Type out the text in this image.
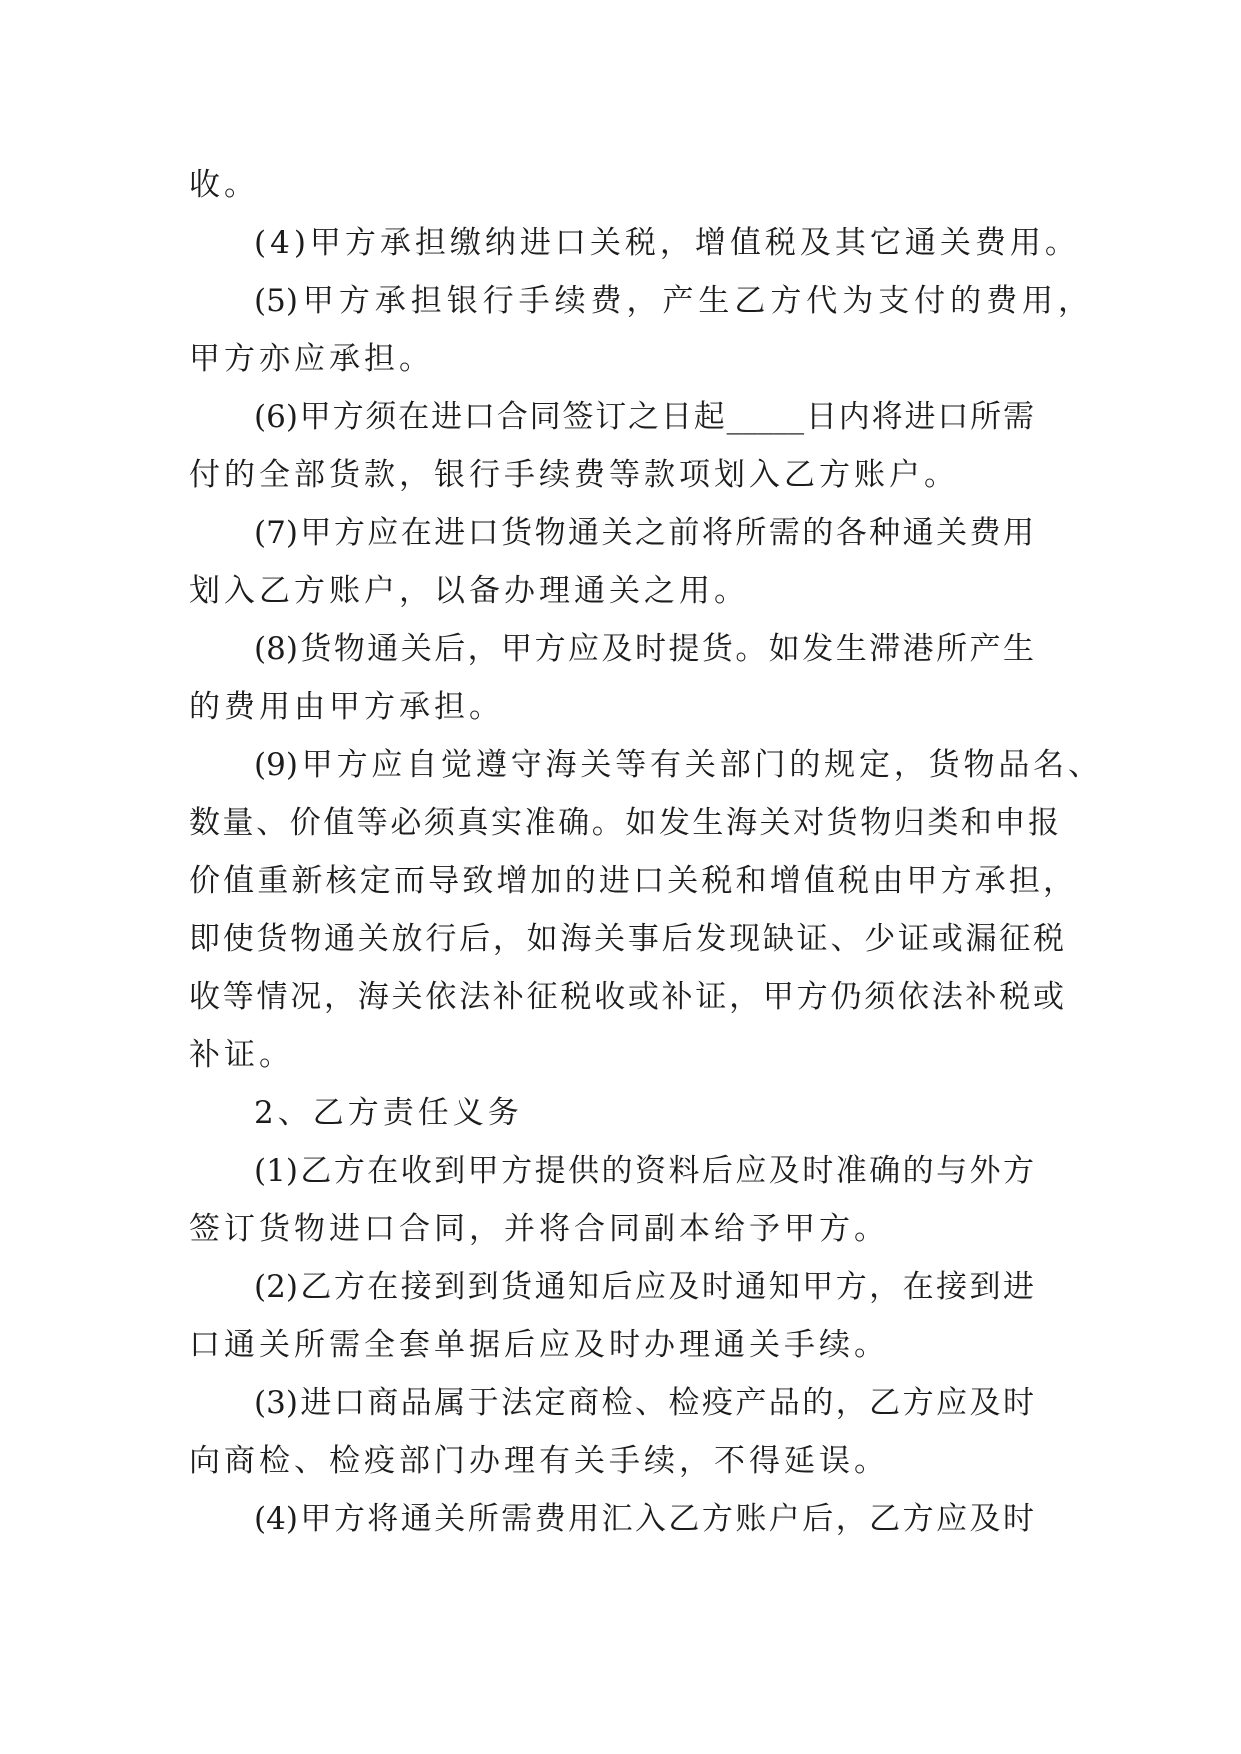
收。
(4)甲方承担缴纳进口关税，增值税及其它通关费用。
(5)甲方承担银行手续费，产生乙方代为支付的费用，
甲方亦应承担。
(6)甲方须在进口合同签订之日起_____日内将进口所需
付的全部货款，银行手续费等款项划入乙方账户。
(7)甲方应在进口货物通关之前将所需的各种通关费用
划入乙方账户，以备办理通关之用。
(8)货物通关后，甲方应及时提货。如发生滞港所产生
的费用由甲方承担。
(9)甲方应自觉遵守海关等有关部门的规定，货物品名、
数量、价值等必须真实准确。如发生海关对货物归类和申报
价值重新核定而导致增加的进口关税和增值税由甲方承担，
即使货物通关放行后，如海关事后发现缺证、少证或漏征税
收等情况，海关依法补征税收或补证，甲方仍须依法补税或
补证。
2、乙方责任义务
(1)乙方在收到甲方提供的资料后应及时准确的与外方
签订货物进口合同，并将合同副本给予甲方。
(2)乙方在接到到货通知后应及时通知甲方，在接到进
口通关所需全套单据后应及时办理通关手续。
(3)进口商品属于法定商检、检疫产品的，乙方应及时
向商检、检疫部门办理有关手续，不得延误。
(4)甲方将通关所需费用汇入乙方账户后，乙方应及时
